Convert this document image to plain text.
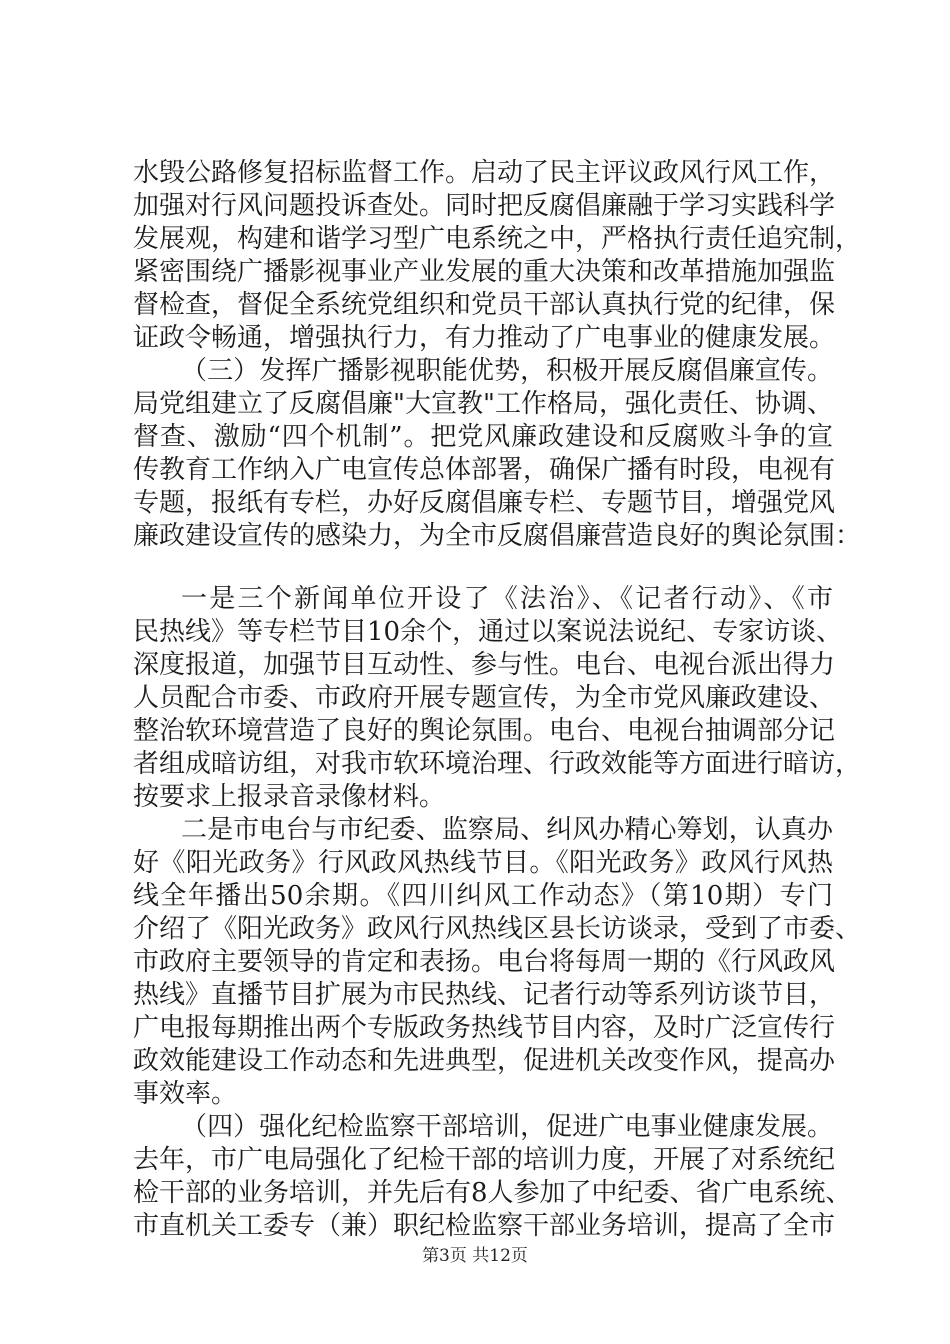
水毁公路修复招标监督工作。启动了民主评议政风行风工作，
加强对行风问题投诉查处。同时把反腐倡廉融于学习实践科学
发展观，构建和谐学习型广电系统之中，严格执行责任追究制，
紧密围绕广播影视事业产业发展的重大决策和改革措施加强监
督检查，督促全系统党组织和党员干部认真执行党的纪律，保
证政令畅通，增强执行力，有力推动了广电事业的健康发展。
（三）发挥广播影视职能优势，积极开展反腐倡廉宣传。
局党组建立了反腐倡廉"大宣教"工作格局，强化责任、协调、
督查、激励“四个机制”。把党风廉政建设和反腐败斗争的宣
传教育工作纳入广电宣传总体部署，确保广播有时段，电视有
专题，报纸有专栏，办好反腐倡廉专栏、专题节目，增强党风
廉政建设宣传的感染力，为全市反腐倡廉营造良好的舆论氛围：
一是三个新闻单位开设了《法治》、《记者行动》、《市
民热线》等专栏节目10余个，通过以案说法说纪、专家访谈、
深度报道，加强节目互动性、参与性。电台、电视台派出得力
人员配合市委、市政府开展专题宣传，为全市党风廉政建设、
整治软环境营造了良好的舆论氛围。电台、电视台抽调部分记
者组成暗访组，对我市软环境治理、行政效能等方面进行暗访，
按要求上报录音录像材料。
二是市电台与市纪委、监察局、纠风办精心筹划，认真办
好《阳光政务》行风政风热线节目。《阳光政务》政风行风热
线全年播出50余期。《四川纠风工作动态》（第10期）专门
介绍了《阳光政务》政风行风热线区县长访谈录，受到了市委、
市政府主要领导的肯定和表扬。电台将每周一期的《行风政风
热线》直播节目扩展为市民热线、记者行动等系列访谈节目，
广电报每期推出两个专版政务热线节目内容，及时广泛宣传行
政效能建设工作动态和先进典型，促进机关改变作风，提高办
事效率。
（四）强化纪检监察干部培训，促进广电事业健康发展。
去年，市广电局强化了纪检干部的培训力度，开展了对系统纪
检干部的业务培训，并先后有8人参加了中纪委、省广电系统、
市直机关工委专（兼）职纪检监察干部业务培训，提高了全市
第3页 共12页
